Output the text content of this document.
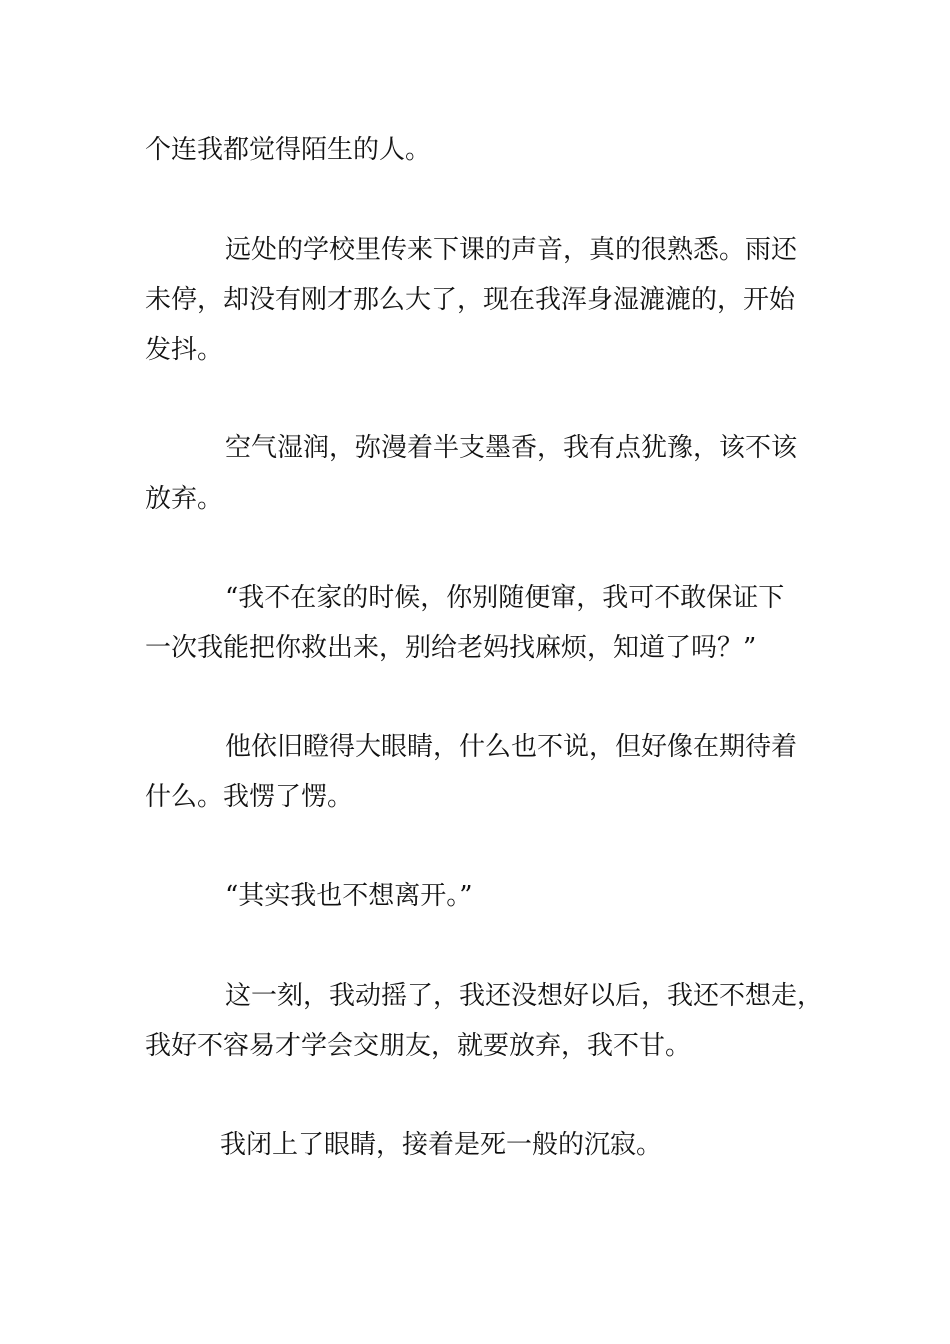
个连我都觉得陌生的人。
远处的学校里传来下课的声音，真的很熟悉。雨还
未停，却没有刚才那么大了，现在我浑身湿漉漉的，开始
发抖。
空气湿润，弥漫着半支墨香，我有点犹豫，该不该
放弃。
“我不在家的时候，你别随便窜，我可不敢保证下
一次我能把你救出来，别给老妈找麻烦，知道了吗？”
他依旧瞪得大眼睛，什么也不说，但好像在期待着
什么。我愣了愣。
“其实我也不想离开。”
这一刻，我动摇了，我还没想好以后，我还不想走，
我好不容易才学会交朋友，就要放弃，我不甘。
我闭上了眼睛，接着是死一般的沉寂。
